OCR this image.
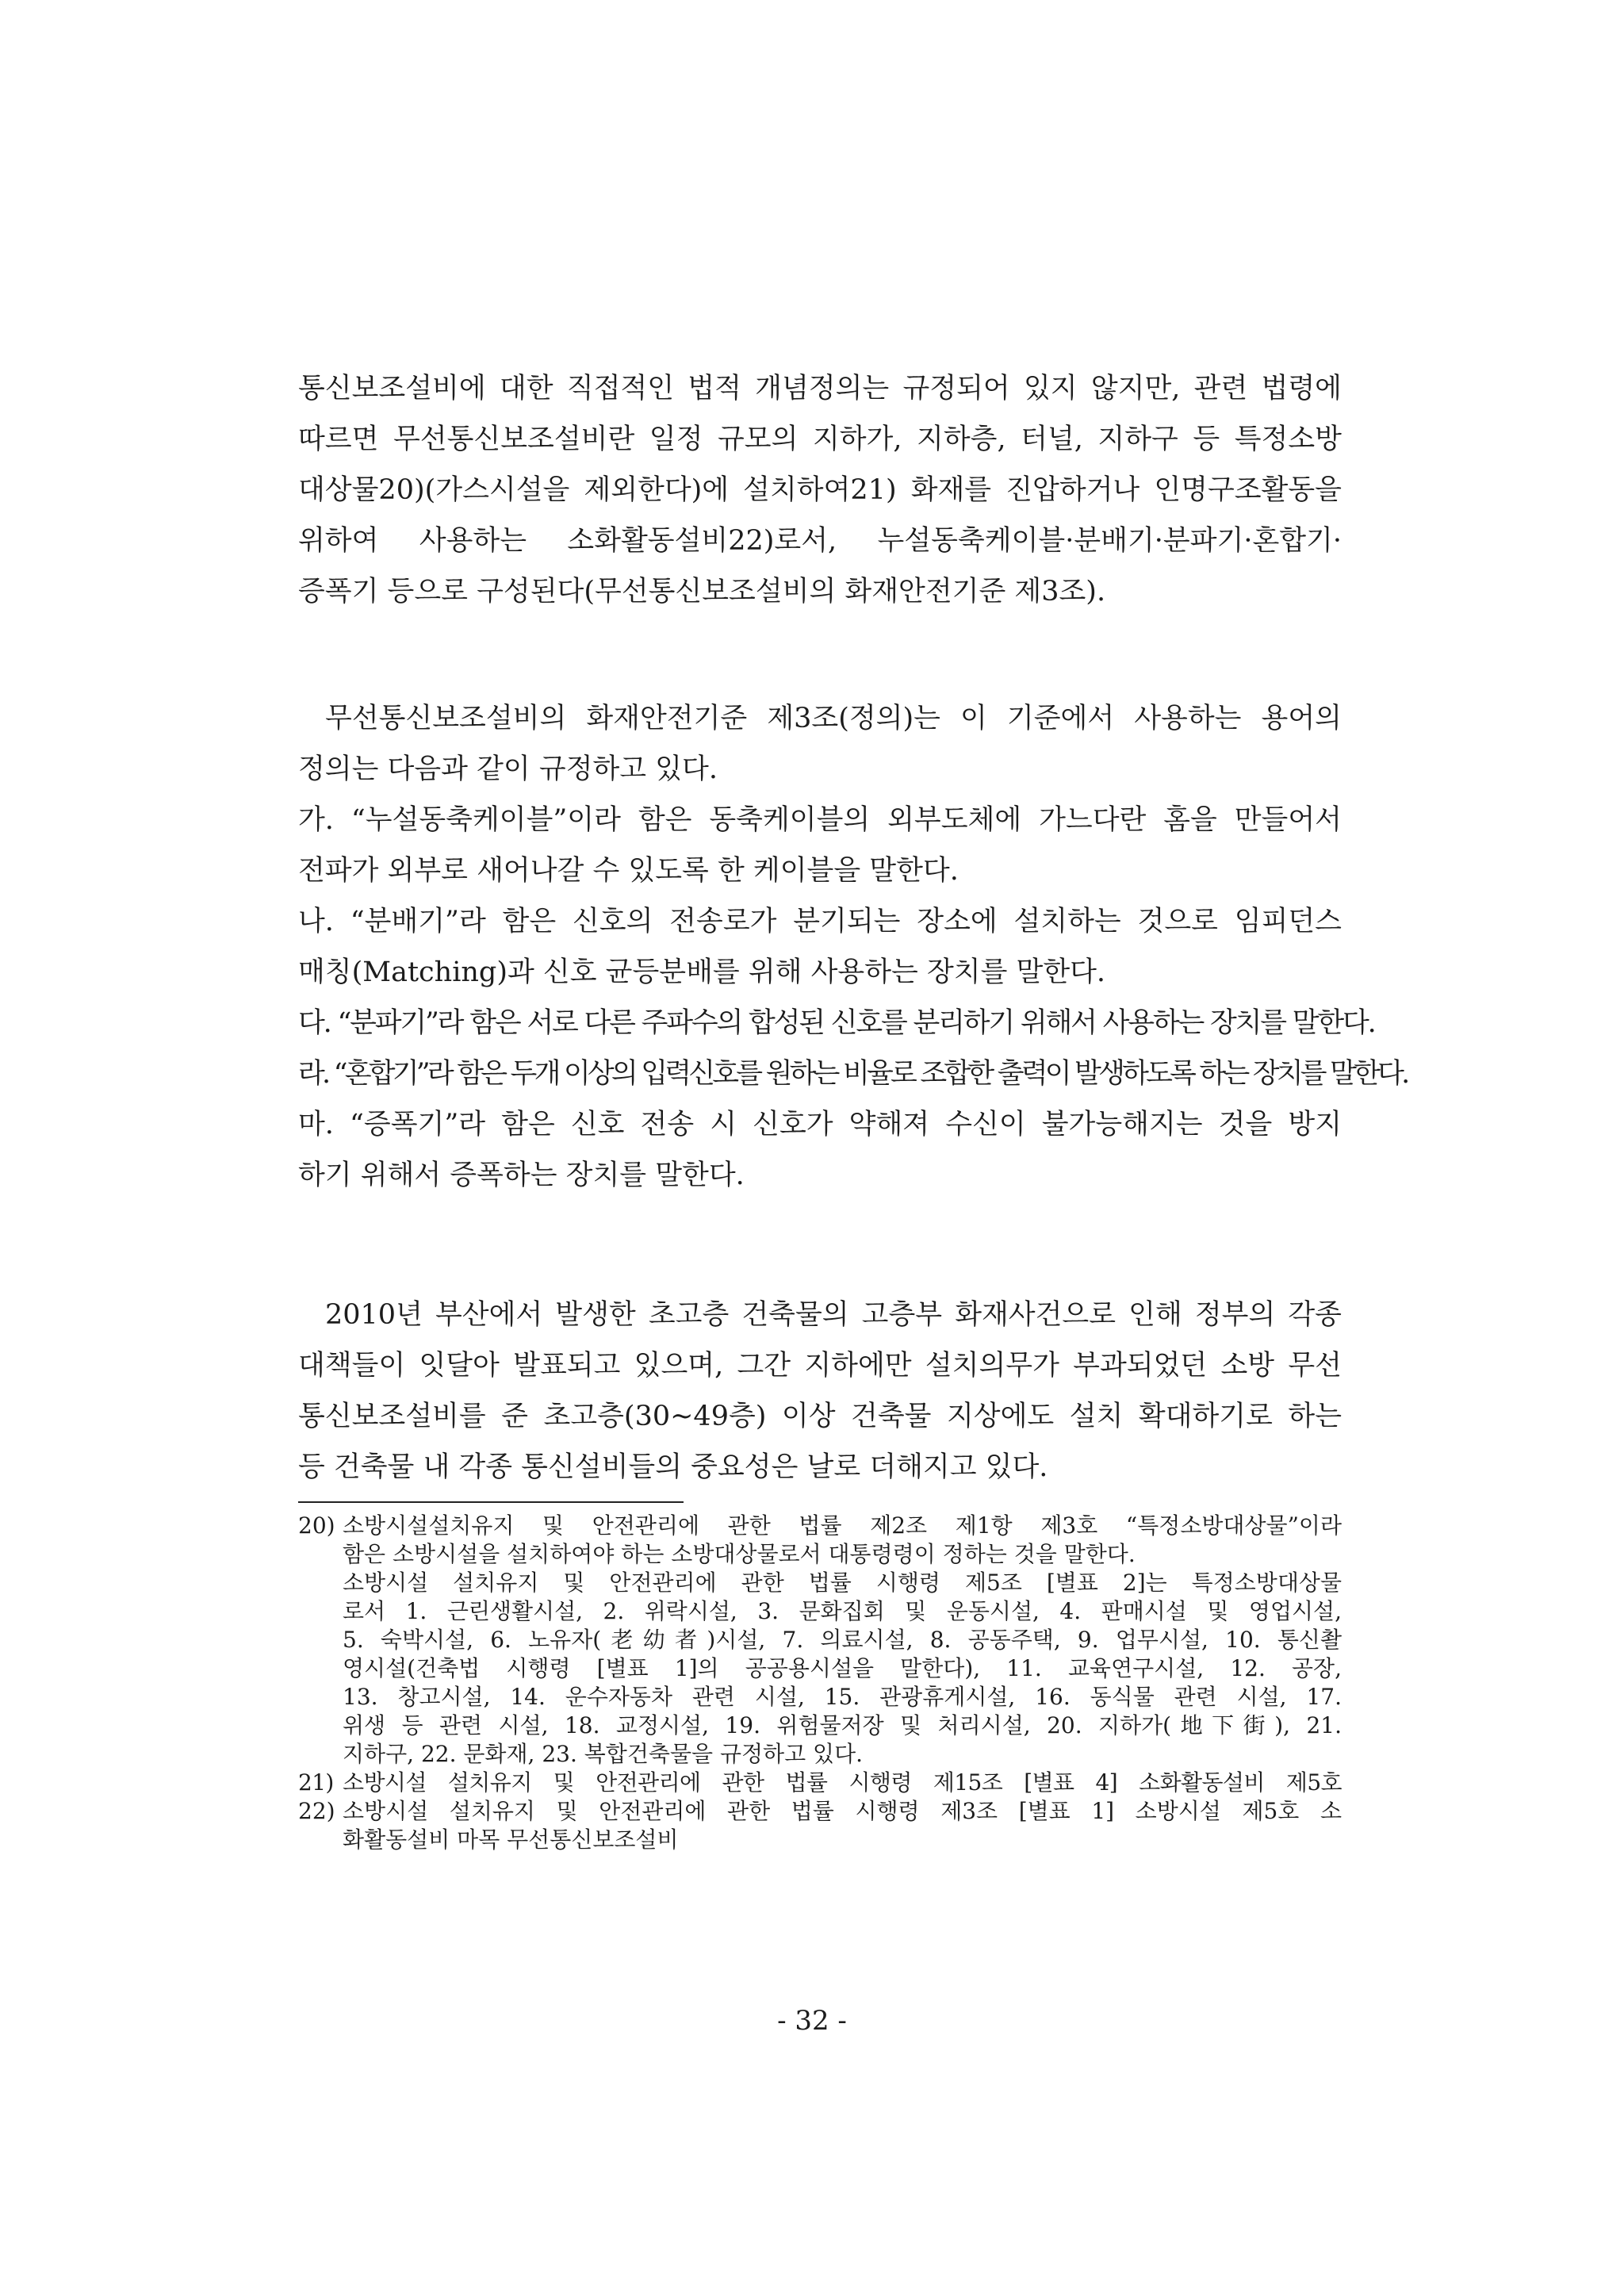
통신보조설비에 대한 직접적인 법적 개념정의는 규정되어 있지 않지만, 관련 법령에
따르면 무선통신보조설비란 일정 규모의 지하가, 지하층, 터널, 지하구 등 특정소방
대상물20)(가스시설을 제외한다)에 설치하여21) 화재를 진압하거나 인명구조활동을
위하여 사용하는 소화활동설비22)로서, 누설동축케이블·분배기·분파기·혼합기·
증폭기 등으로 구성된다(무선통신보조설비의 화재안전기준 제3조).
무선통신보조설비의 화재안전기준 제3조(정의)는 이 기준에서 사용하는 용어의
정의는 다음과 같이 규정하고 있다.
가. “누설동축케이블”이라 함은 동축케이블의 외부도체에 가느다란 홈을 만들어서
전파가 외부로 새어나갈 수 있도록 한 케이블을 말한다.
나. “분배기”라 함은 신호의 전송로가 분기되는 장소에 설치하는 것으로 임피던스
매칭(Matching)과 신호 균등분배를 위해 사용하는 장치를 말한다.
다. “분파기”라 함은 서로 다른 주파수의 합성된 신호를 분리하기 위해서 사용하는 장치를 말한다.
라. “혼합기”라 함은 두개 이상의 입력신호를 원하는 비율로 조합한 출력이 발생하도록 하는 장치를 말한다.
마. “증폭기”라 함은 신호 전송 시 신호가 약해져 수신이 불가능해지는 것을 방지
하기 위해서 증폭하는 장치를 말한다.
2010년 부산에서 발생한 초고층 건축물의 고층부 화재사건으로 인해 정부의 각종
대책들이 잇달아 발표되고 있으며, 그간 지하에만 설치의무가 부과되었던 소방 무선
통신보조설비를 준 초고층(30~49층) 이상 건축물 지상에도 설치 확대하기로 하는
등 건축물 내 각종 통신설비들의 중요성은 날로 더해지고 있다.
20) 소방시설설치유지 및 안전관리에 관한 법률 제2조 제1항 제3호 “특정소방대상물”이라
함은 소방시설을 설치하여야 하는 소방대상물로서 대통령령이 정하는 것을 말한다.
소방시설 설치유지 및 안전관리에 관한 법률 시행령 제5조 [별표 2]는 특정소방대상물
로서 1. 근린생활시설, 2. 위락시설, 3. 문화집회 및 운동시설, 4. 판매시설 및 영업시설,
5. 숙박시설, 6. 노유자(老幼者)시설, 7. 의료시설, 8. 공동주택, 9. 업무시설, 10. 통신촬
영시설(건축법 시행령 [별표 1]의 공공용시설을 말한다), 11. 교육연구시설, 12. 공장,
13. 창고시설, 14. 운수자동차 관련 시설, 15. 관광휴게시설, 16. 동식물 관련 시설, 17.
위생 등 관련 시설, 18. 교정시설, 19. 위험물저장 및 처리시설, 20. 지하가(地下街), 21.
지하구, 22. 문화재, 23. 복합건축물을 규정하고 있다.
21) 소방시설 설치유지 및 안전관리에 관한 법률 시행령 제15조 [별표 4] 소화활동설비 제5호
22) 소방시설 설치유지 및 안전관리에 관한 법률 시행령 제3조 [별표 1] 소방시설 제5호 소
화활동설비 마목 무선통신보조설비
- 32 -
